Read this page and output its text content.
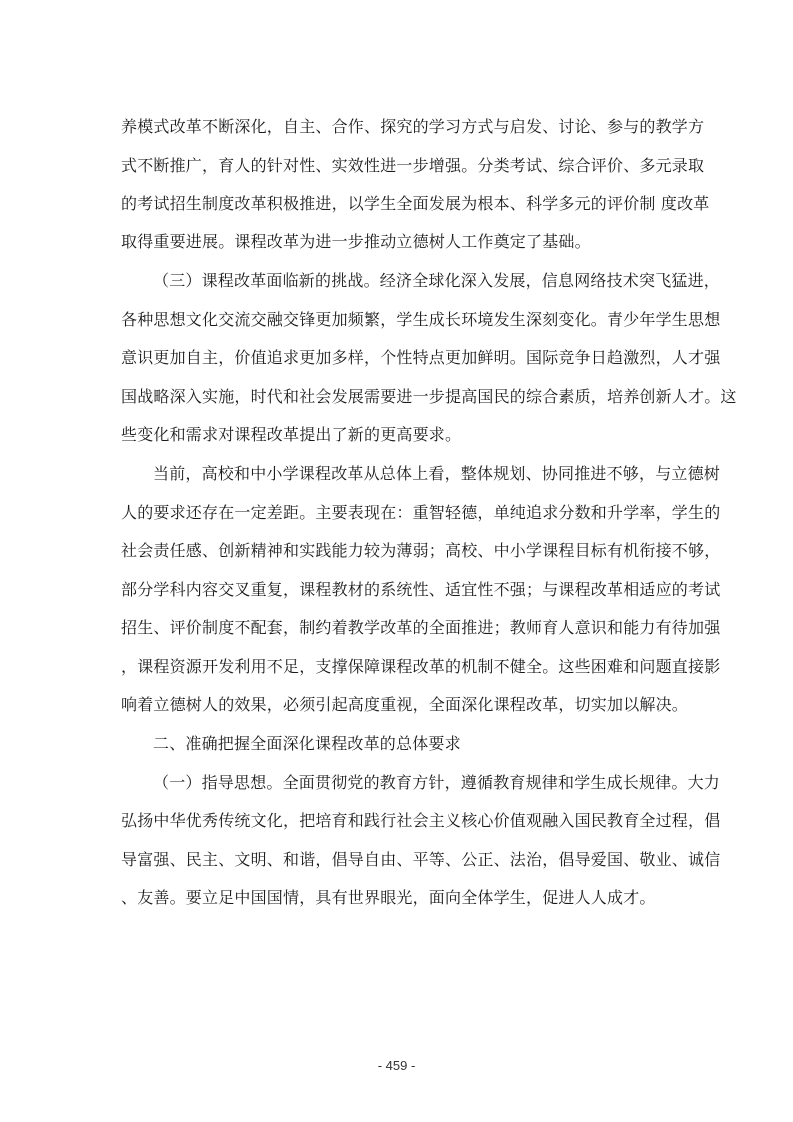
养模式改革不断深化，自主、合作、探究的学习方式与启发、讨论、参与的教学方
式不断推广，育人的针对性、实效性进一步增强。分类考试、综合评价、多元录取
的考试招生制度改革积极推进，以学生全面发展为根本、科学多元的评价制 度改革
取得重要进展。课程改革为进一步推动立德树人工作奠定了基础。
（三）课程改革面临新的挑战。经济全球化深入发展，信息网络技术突飞猛进，
各种思想文化交流交融交锋更加频繁，学生成长环境发生深刻变化。青少年学生思想
意识更加自主，价值追求更加多样，个性特点更加鲜明。国际竞争日趋激烈，人才强
国战略深入实施，时代和社会发展需要进一步提高国民的综合素质，培养创新人才。这
些变化和需求对课程改革提出了新的更高要求。
当前，高校和中小学课程改革从总体上看，整体规划、协同推进不够，与立德树
人的要求还存在一定差距。主要表现在：重智轻德，单纯追求分数和升学率，学生的
社会责任感、创新精神和实践能力较为薄弱；高校、中小学课程目标有机衔接不够，
部分学科内容交叉重复，课程教材的系统性、适宜性不强；与课程改革相适应的考试
招生、评价制度不配套，制约着教学改革的全面推进；教师育人意识和能力有待加强
，课程资源开发利用不足，支撑保障课程改革的机制不健全。这些困难和问题直接影
响着立德树人的效果，必须引起高度重视，全面深化课程改革，切实加以解决。
二、准确把握全面深化课程改革的总体要求
（一）指导思想。全面贯彻党的教育方针，遵循教育规律和学生成长规律。大力
弘扬中华优秀传统文化，把培育和践行社会主义核心价值观融入国民教育全过程，倡
导富强、民主、文明、和谐，倡导自由、平等、公正、法治，倡导爱国、敬业、诚信
、友善。要立足中国国情，具有世界眼光，面向全体学生，促进人人成才。
- 459 -
